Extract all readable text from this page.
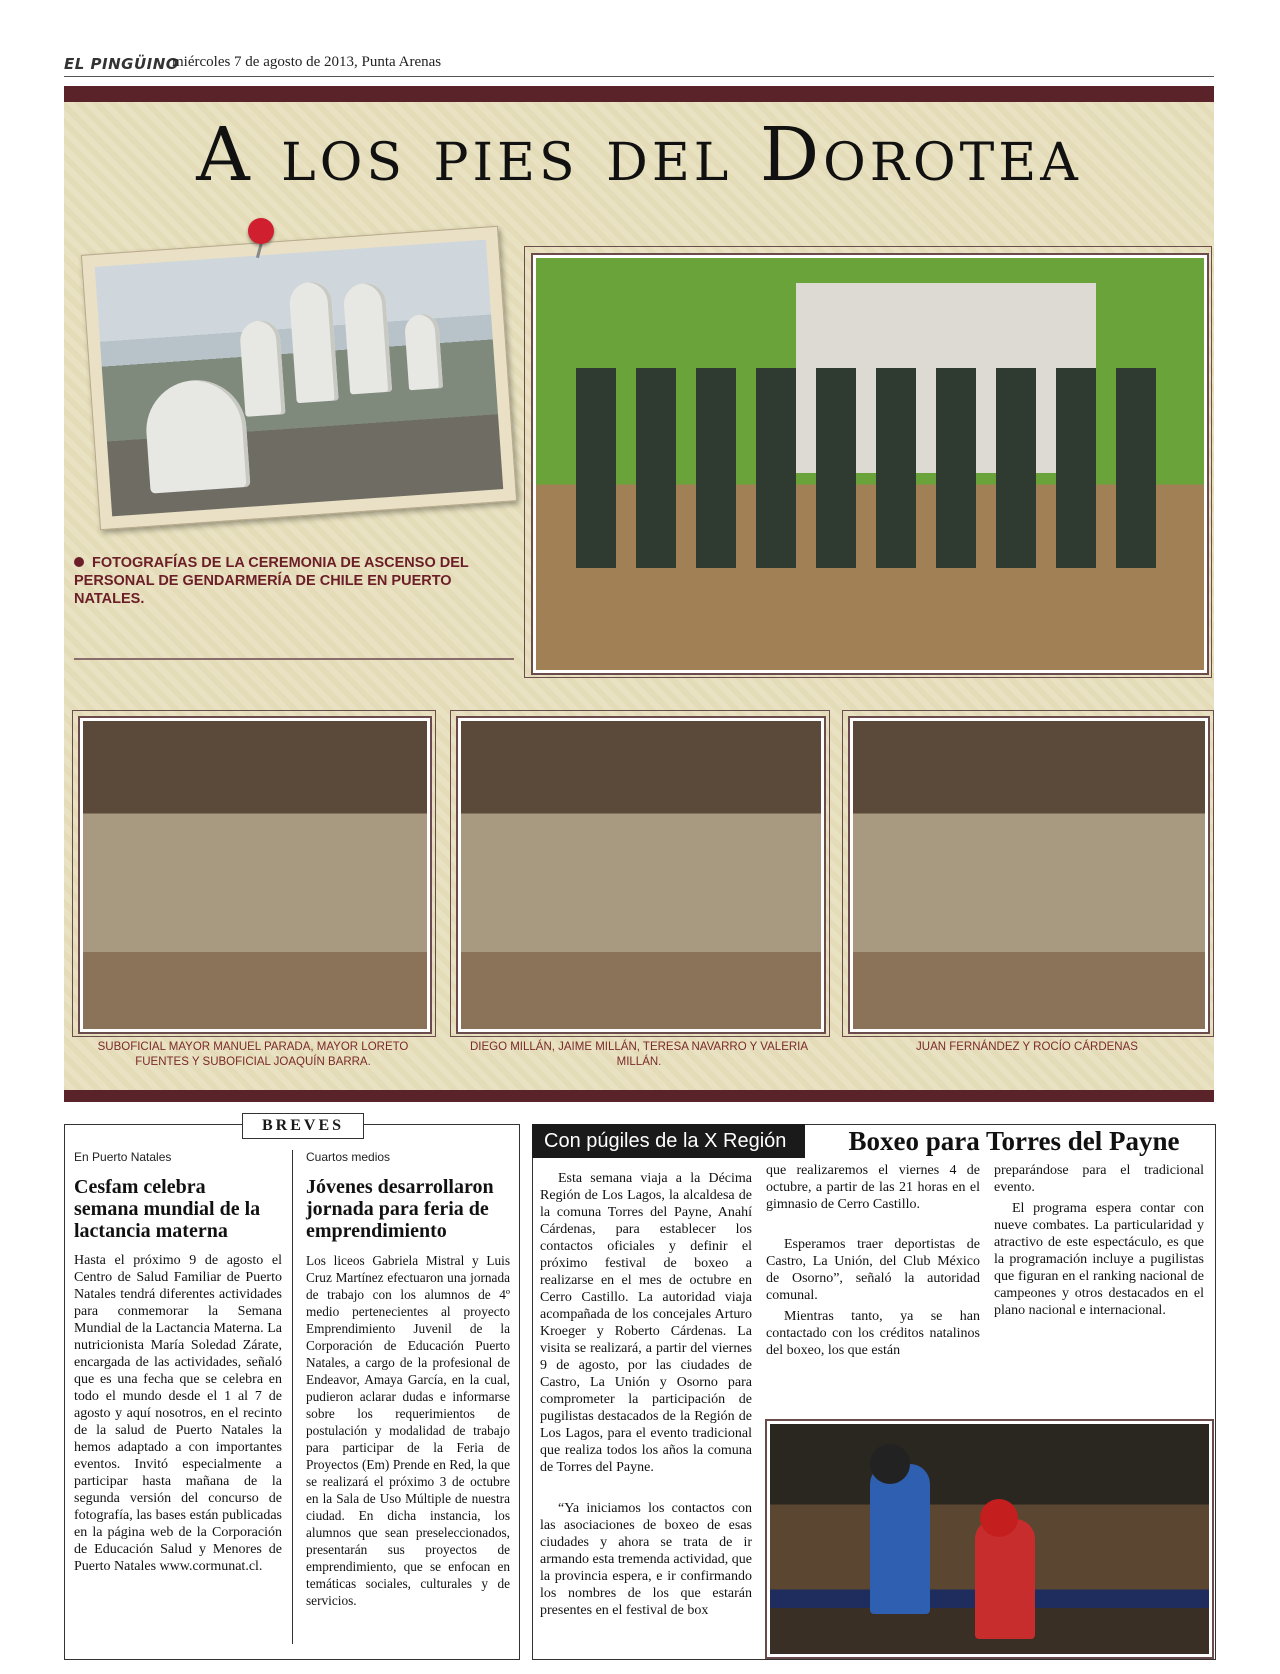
EL PINGÜINO
miércoles 7 de agosto de 2013, Punta Arenas
A los pies del Dorotea
FOTOGRAFÍAS DE LA CEREMONIA DE ASCENSO DEL PERSONAL DE GENDARMERÍA DE CHILE EN PUERTO NATALES.
SUBOFICIAL MAYOR MANUEL PARADA, MAYOR LORETO FUENTES Y SUBOFICIAL JOAQUÍN BARRA.
DIEGO MILLÁN, JAIME MILLÁN, TERESA NAVARRO Y VALERIA MILLÁN.
JUAN FERNÁNDEZ Y ROCÍO CÁRDENAS
BREVES
En Puerto Natales
Cesfam celebra semana mundial de la lactancia materna
Hasta el próximo 9 de agosto el Centro de Salud Familiar de Puerto Natales tendrá diferentes actividades para conmemorar la Semana Mundial de la Lactancia Materna. La nutricionista María Soledad Zárate, encargada de las actividades, señaló que es una fecha que se celebra en todo el mundo desde el 1 al 7 de agosto y aquí nosotros, en el recinto de la salud de Puerto Natales la hemos adaptado a con importantes eventos. Invitó especialmente a participar hasta mañana de la segunda versión del concurso de fotografía, las bases están publicadas en la página web de la Corporación de Educación Salud y Menores de Puerto Natales www.cormunat.cl.
Cuartos medios
Jóvenes desarrollaron jornada para feria de emprendimiento
Los liceos Gabriela Mistral y Luis Cruz Martínez efectuaron una jornada de trabajo con los alumnos de 4º medio pertenecientes al proyecto Emprendimiento Juvenil de la Corporación de Educación Puerto Natales, a cargo de la profesional de Endeavor, Amaya García, en la cual, pudieron aclarar dudas e informarse sobre los requerimientos de postulación y modalidad de trabajo para participar de la Feria de Proyectos (Em) Prende en Red, la que se realizará el próximo 3 de octubre en la Sala de Uso Múltiple de nuestra ciudad. En dicha instancia, los alumnos que sean preseleccionados, presentarán sus proyectos de emprendimiento, que se enfocan en temáticas sociales, culturales y de servicios.
Con púgiles de la X Región	Boxeo para Torres del Payne
Esta semana viaja a la Décima Región de Los Lagos, la alcaldesa de la comuna Torres del Payne, Anahí Cárdenas, para establecer los contactos oficiales y definir el próximo festival de boxeo a realizarse en el mes de octubre en Cerro Castillo. La autoridad viaja acompañada de los concejales Arturo Kroeger y Roberto Cárdenas. La visita se realizará, a partir del viernes 9 de agosto, por las ciudades de Castro, La Unión y Osorno para comprometer la participación de pugilistas destacados de la Región de Los Lagos, para el evento tradicional que realiza todos los años la comuna de Torres del Payne.
“Ya iniciamos los contactos con las asociaciones de boxeo de esas ciudades y ahora se trata de ir armando esta tremenda actividad, que la provincia espera, e ir confirmando los nombres de los que estarán presentes en el festival de box
que realizaremos el viernes 4 de octubre, a partir de las 21 horas en el gimnasio de Cerro Castillo.
Esperamos traer deportistas de Castro, La Unión, del Club México de Osorno”, señaló la autoridad comunal.
Mientras tanto, ya se han contactado con los créditos natalinos del boxeo, los que están
preparándose para el tradicional evento.
El programa espera contar con nueve combates. La particularidad y atractivo de este espectáculo, es que la programación incluye a pugilistas que figuran en el ranking nacional de campeones y otros destacados en el plano nacional e internacional.
